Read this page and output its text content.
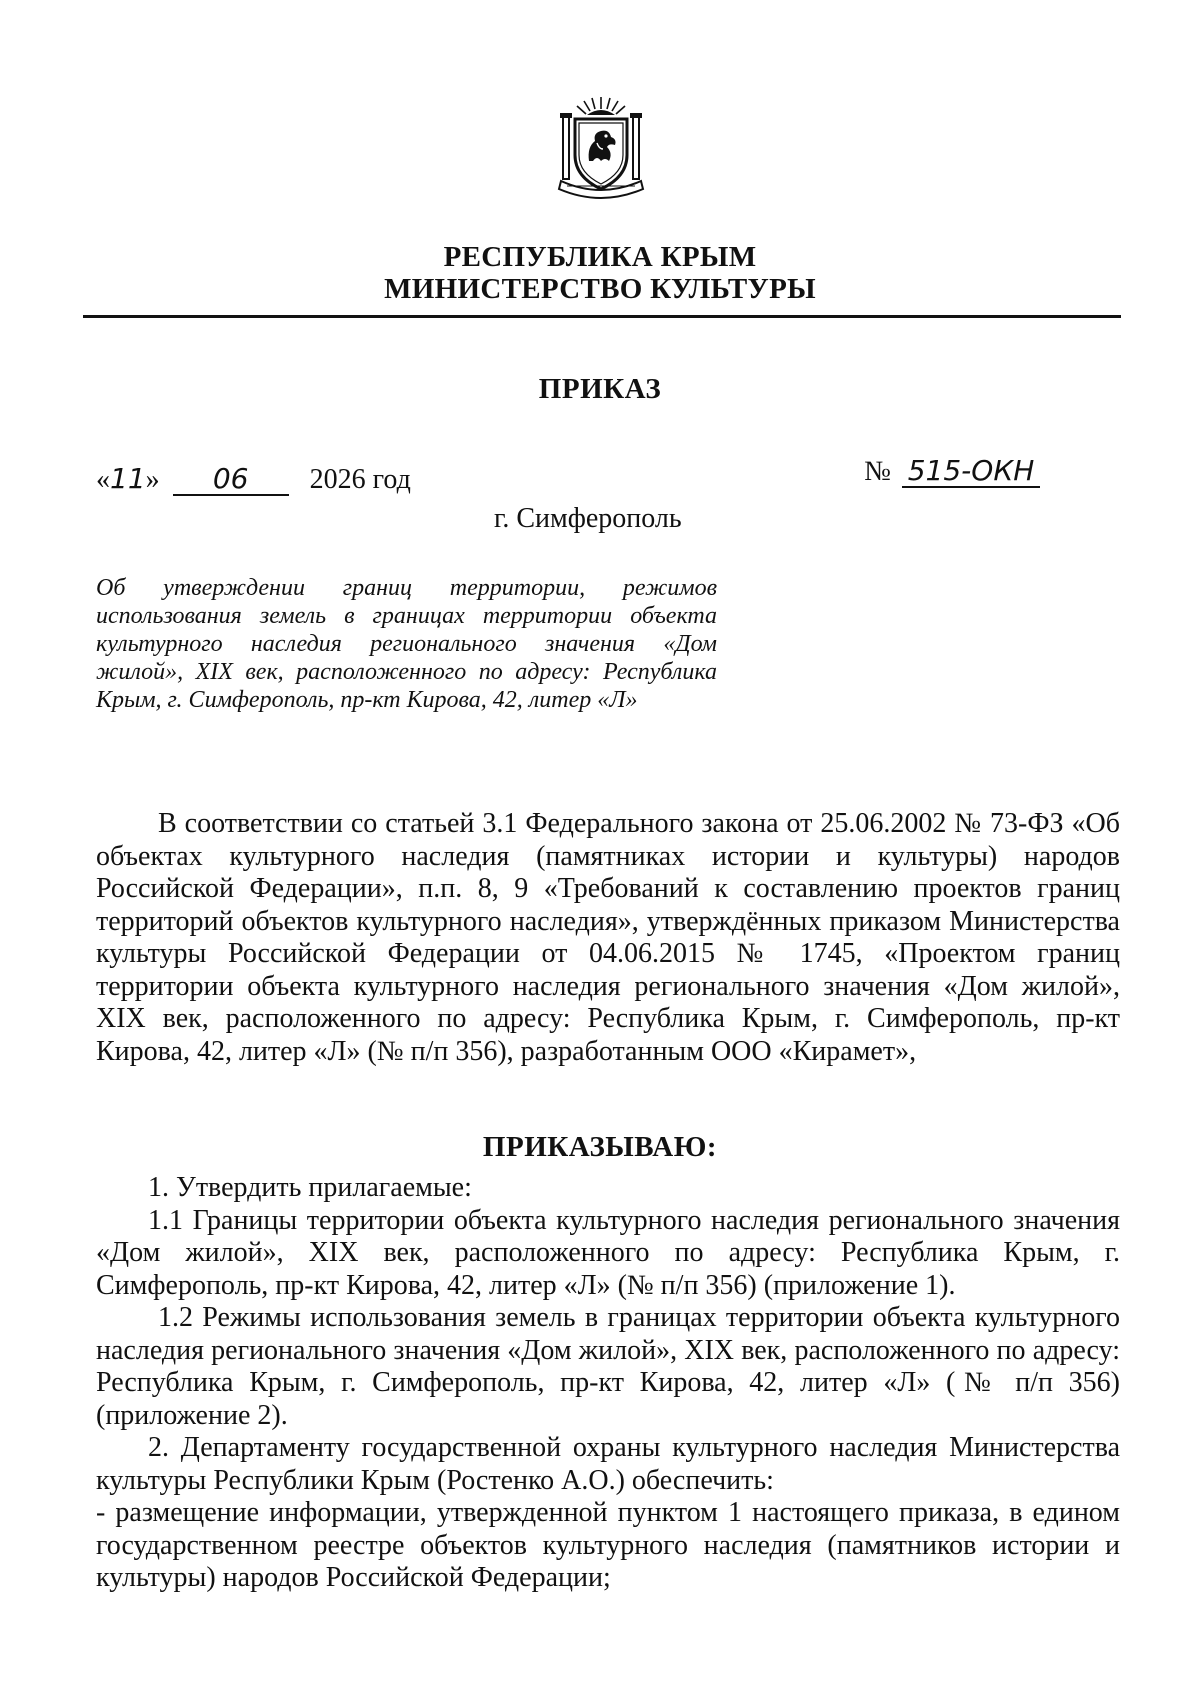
РЕСПУБЛИКА КРЫМ
МИНИСТЕРСТВО КУЛЬТУРЫ
ПРИКАЗ
«11» 06 2026 год	№ 515-ОКН
г. Симферополь
Об утверждении границ территории, режимов использования земель в границах территории объекта культурного наследия регионального значения «Дом жилой», XIX век, расположенного по адресу: Республика Крым, г. Симферополь, пр-кт Кирова, 42, литер «Л»

В соответствии со статьей 3.1 Федерального закона от 25.06.2002 № 73-ФЗ «Об объектах культурного наследия (памятниках истории и культуры) народов Российской Федерации», п.п. 8, 9 «Требований к составлению проектов границ территорий объектов культурного наследия», утверждённых приказом Министерства культуры Российской Федерации от 04.06.2015 № 1745, «Проектом границ территории объекта культурного наследия регионального значения «Дом жилой», XIX век, расположенного по адресу: Республика Крым, г. Симферополь, пр-кт Кирова, 42, литер «Л» (№ п/п 356), разработанным ООО «Кирамет»,

ПРИКАЗЫВАЮ:

1. Утвердить прилагаемые:

1.1 Границы территории объекта культурного наследия регионального значения «Дом жилой», XIX век, расположенного по адресу: Республика Крым, г. Симферополь, пр-кт Кирова, 42, литер «Л» (№ п/п 356) (приложение 1).

1.2 Режимы использования земель в границах территории объекта культурного наследия регионального значения «Дом жилой», XIX век, расположенного по адресу: Республика Крым, г. Симферополь, пр-кт Кирова, 42, литер «Л» (№ п/п 356) (приложение 2).

2. Департаменту государственной охраны культурного наследия Министерства культуры Республики Крым (Ростенко А.О.) обеспечить:

- размещение информации, утвержденной пунктом 1 настоящего приказа, в едином государственном реестре объектов культурного наследия (памятников истории и культуры) народов Российской Федерации;
